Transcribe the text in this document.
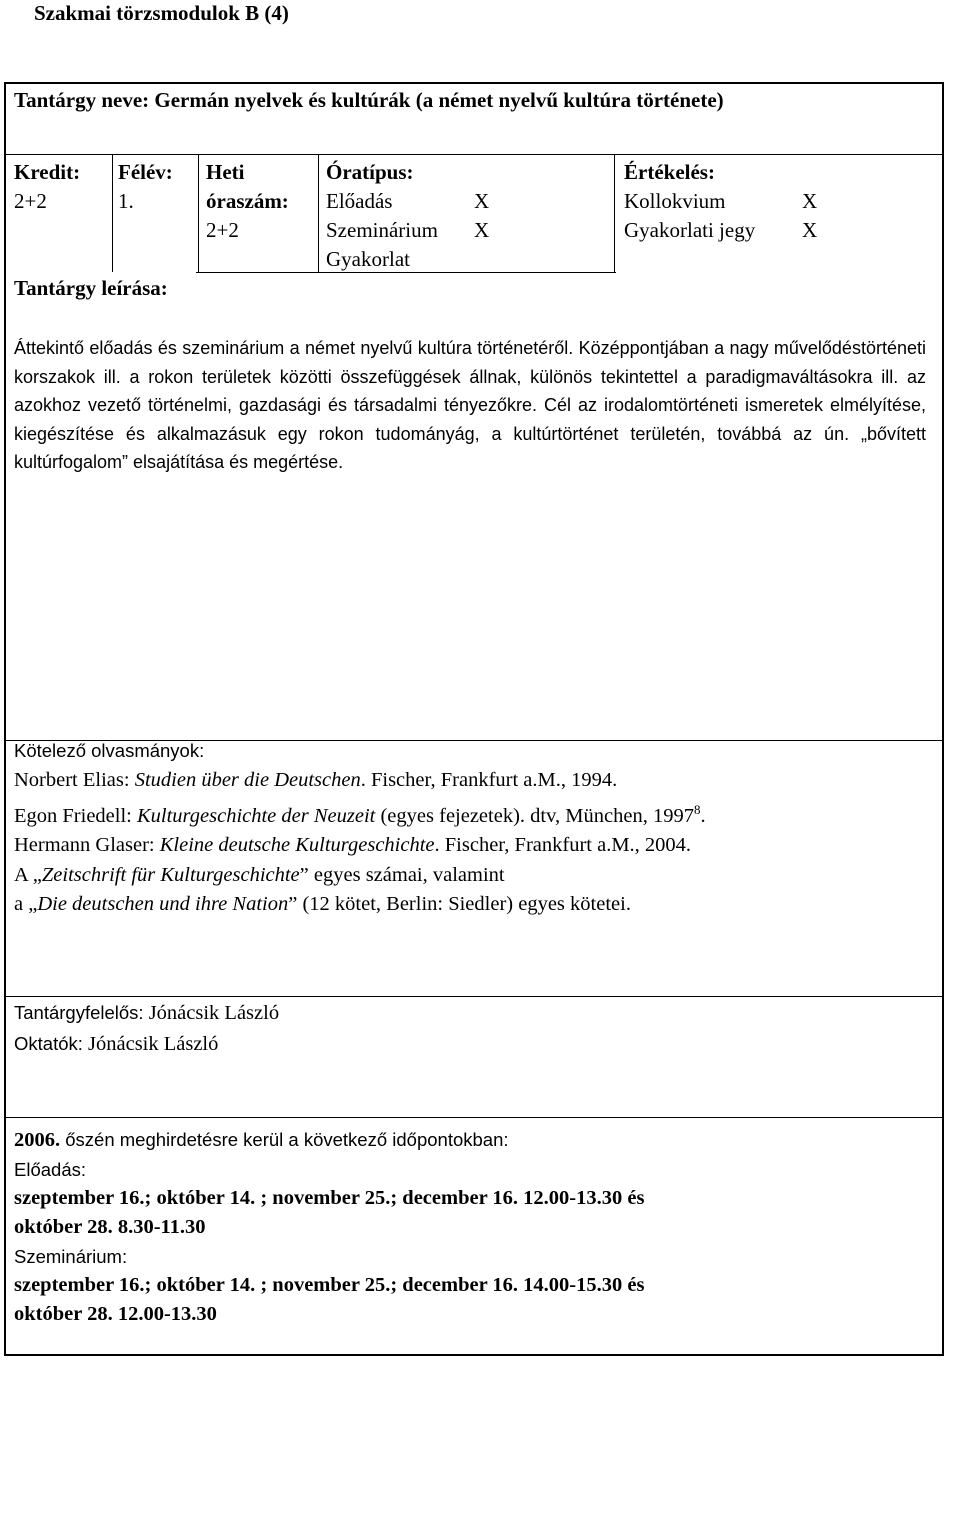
Szakmai törzsmodulok B (4)
Tantárgy neve: Germán nyelvek és kultúrák (a német nyelvű kultúra története)
Kredit:
2+2
Félév:
1.
Heti
óraszám:
2+2
Óratípus:
Előadás	X
Szeminárium X
Gyakorlat
Értékelés:
Kollokvium	X
Gyakorlati jegy X
Tantárgy leírása:
Áttekintő előadás és szeminárium a német nyelvű kultúra történetéről. Középpontjában a nagy művelődéstörténeti korszakok ill. a rokon területek közötti összefüggések állnak, különös tekintettel a paradigmaváltásokra ill. az azokhoz vezető történelmi, gazdasági és társadalmi tényezőkre. Cél az irodalomtörténeti ismeretek elmélyítése, kiegészítése és alkalmazásuk egy rokon tudományág, a kultúrtörténet területén, továbbá az ún. „bővített kultúrfogalom” elsajátítása és megértése.
Kötelező olvasmányok:
Norbert Elias: Studien über die Deutschen. Fischer, Frankfurt a.M., 1994.
Egon Friedell: Kulturgeschichte der Neuzeit (egyes fejezetek). dtv, München, 1997$^8$.
Hermann Glaser: Kleine deutsche Kulturgeschichte. Fischer, Frankfurt a.M., 2004.
A „Zeitschrift für Kulturgeschichte” egyes számai, valamint
a „Die deutschen und ihre Nation” (12 kötet, Berlin: Siedler) egyes kötetei.
Tantárgyfelelős: Jónácsik László
Oktatók: Jónácsik László
2006. őszén meghirdetésre kerül a következő időpontokban:
Előadás:
szeptember 16.; október 14. ; november 25.; december 16. 12.00-13.30 és
október 28. 8.30-11.30
Szeminárium:
szeptember 16.; október 14. ; november 25.; december 16. 14.00-15.30 és
október 28. 12.00-13.30
